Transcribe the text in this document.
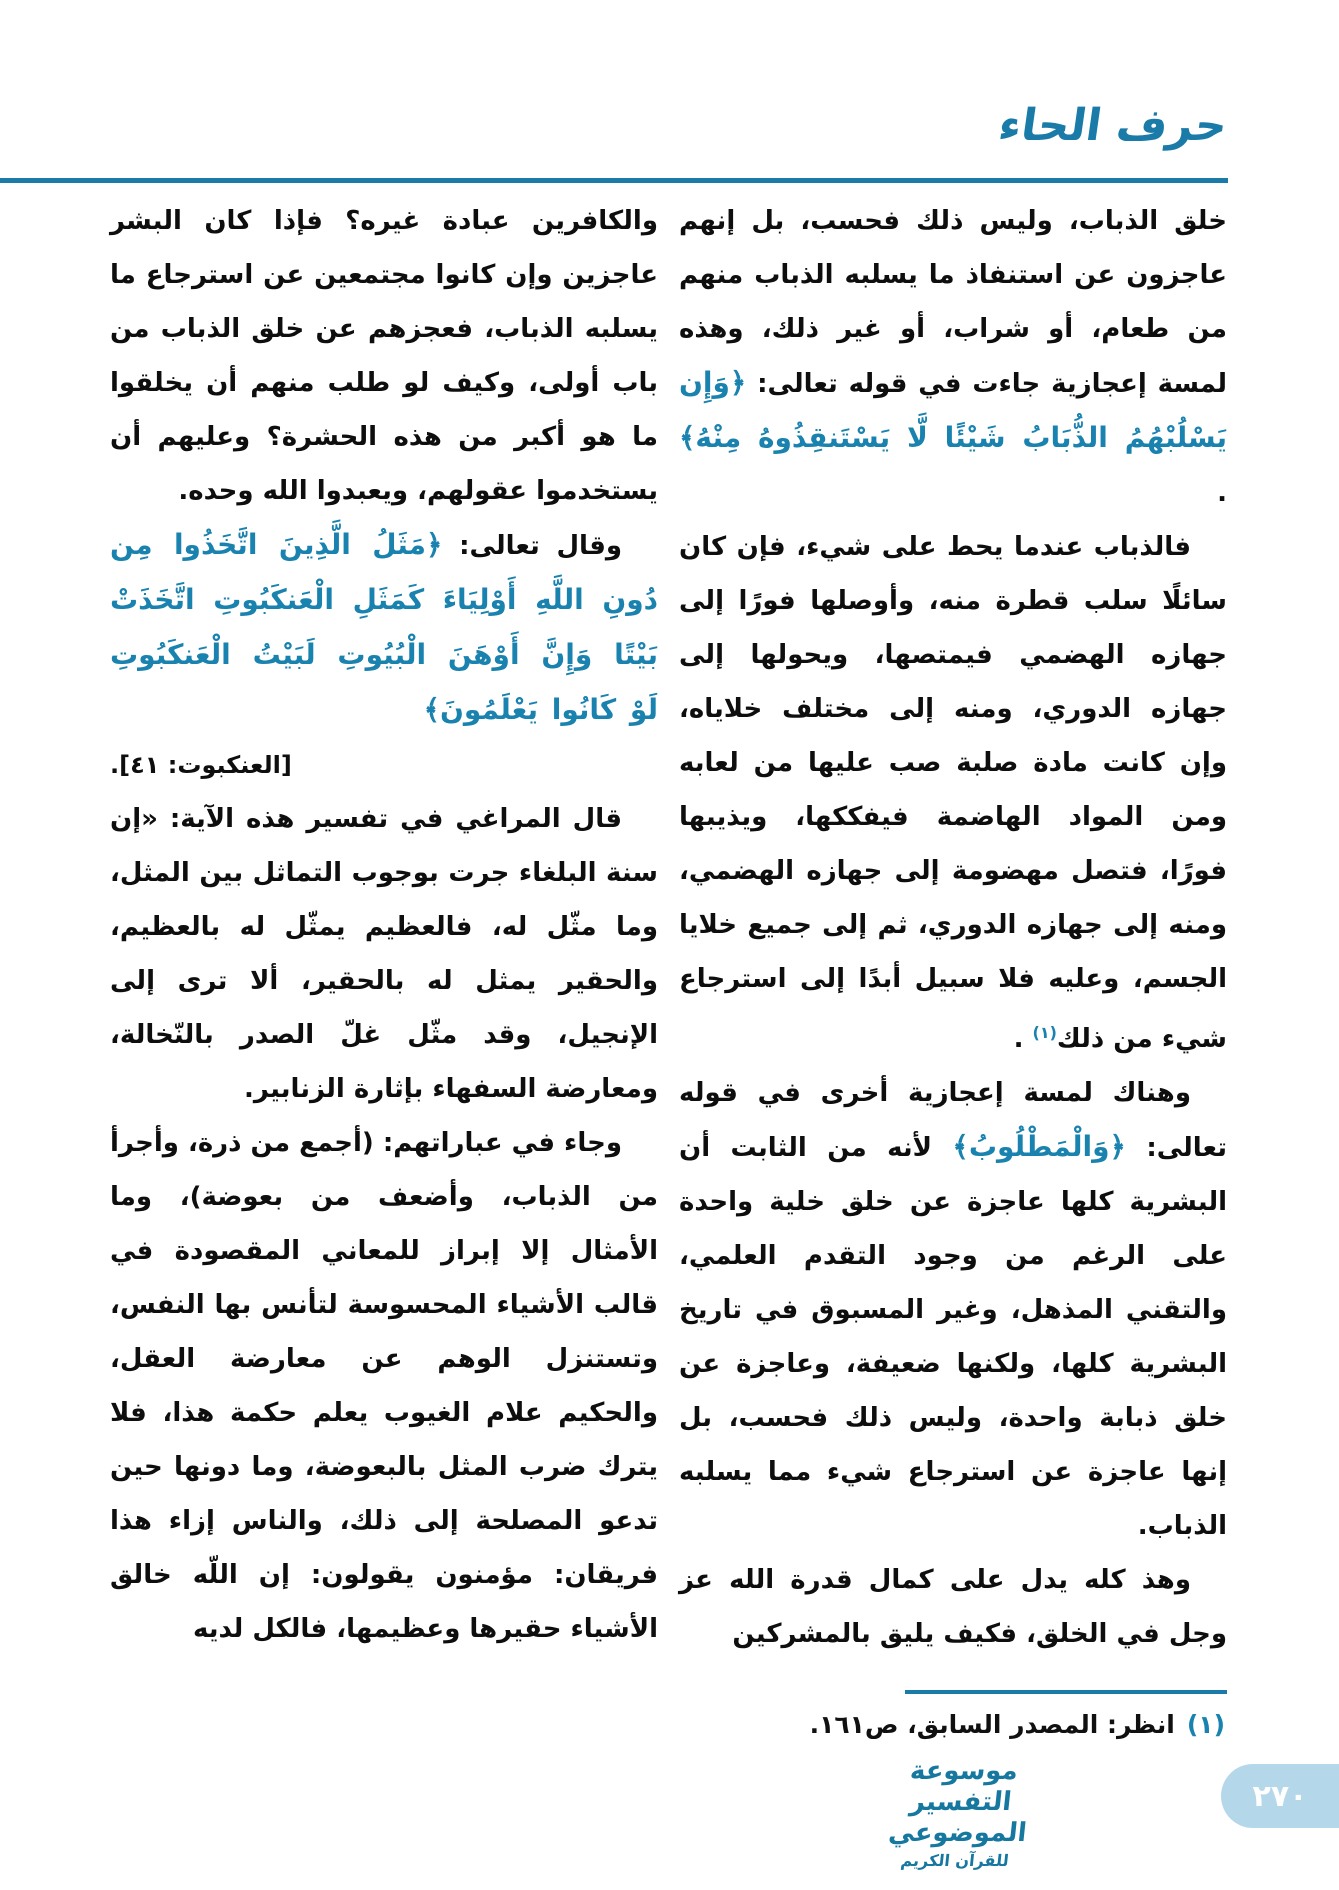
حرف الحاء

خلق الذباب، وليس ذلك فحسب، بل إنهم عاجزون عن استنفاذ ما يسلبه الذباب منهم من طعام، أو شراب، أو غير ذلك، وهذه لمسة إعجازية جاءت في قوله تعالى: ﴿وَإِن يَسْلُبْهُمُ الذُّبَابُ شَيْئًا لَّا يَسْتَنقِذُوهُ مِنْهُ﴾ .

فالذباب عندما يحط على شيء، فإن كان سائلًا سلب قطرة منه، وأوصلها فورًا إلى جهازه الهضمي فيمتصها، ويحولها إلى جهازه الدوري، ومنه إلى مختلف خلاياه، وإن كانت مادة صلبة صب عليها من لعابه ومن المواد الهاضمة فيفككها، ويذيبها فورًا، فتصل مهضومة إلى جهازه الهضمي، ومنه إلى جهازه الدوري، ثم إلى جميع خلايا الجسم، وعليه فلا سبيل أبدًا إلى استرجاع شيء من ذلك$^{(١)}$ .

وهناك لمسة إعجازية أخرى في قوله تعالى: ﴿وَالْمَطْلُوبُ﴾ لأنه من الثابت أن البشرية كلها عاجزة عن خلق خلية واحدة على الرغم من وجود التقدم العلمي، والتقني المذهل، وغير المسبوق في تاريخ البشرية كلها، ولكنها ضعيفة، وعاجزة عن خلق ذبابة واحدة، وليس ذلك فحسب، بل إنها عاجزة عن استرجاع شيء مما يسلبه الذباب.

وهذ كله يدل على كمال قدرة الله عز وجل في الخلق، فكيف يليق بالمشركين

والكافرين عبادة غيره؟ فإذا كان البشر عاجزين وإن كانوا مجتمعين عن استرجاع ما يسلبه الذباب، فعجزهم عن خلق الذباب من باب أولى، وكيف لو طلب منهم أن يخلقوا ما هو أكبر من هذه الحشرة؟ وعليهم أن يستخدموا عقولهم، ويعبدوا الله وحده.

وقال تعالى: ﴿مَثَلُ الَّذِينَ اتَّخَذُوا مِن دُونِ اللَّهِ أَوْلِيَاءَ كَمَثَلِ الْعَنكَبُوتِ اتَّخَذَتْ بَيْتًا وَإِنَّ أَوْهَنَ الْبُيُوتِ لَبَيْتُ الْعَنكَبُوتِ لَوْ كَانُوا يَعْلَمُونَ﴾

[العنكبوت: ٤١].

قال المراغي في تفسير هذه الآية: «إن سنة البلغاء جرت بوجوب التماثل بين المثل، وما مثّل له، فالعظيم يمثّل له بالعظيم، والحقير يمثل له بالحقير، ألا ترى إلى الإنجيل، وقد مثّل غلّ الصدر بالنّخالة، ومعارضة السفهاء بإثارة الزنابير.

وجاء في عباراتهم: (أجمع من ذرة، وأجرأ من الذباب، وأضعف من بعوضة)، وما الأمثال إلا إبراز للمعاني المقصودة في قالب الأشياء المحسوسة لتأنس بها النفس، وتستنزل الوهم عن معارضة العقل، والحكيم علام الغيوب يعلم حكمة هذا، فلا يترك ضرب المثل بالبعوضة، وما دونها حين تدعو المصلحة إلى ذلك، والناس إزاء هذا فريقان: مؤمنون يقولون: إن اللّه خالق الأشياء حقيرها وعظيمها، فالكل لديه

(١)انظر: المصدر السابق، ص١٦١.
موسوعة التفسير الموضوعي
للقرآن الكريم
٢٧٠
